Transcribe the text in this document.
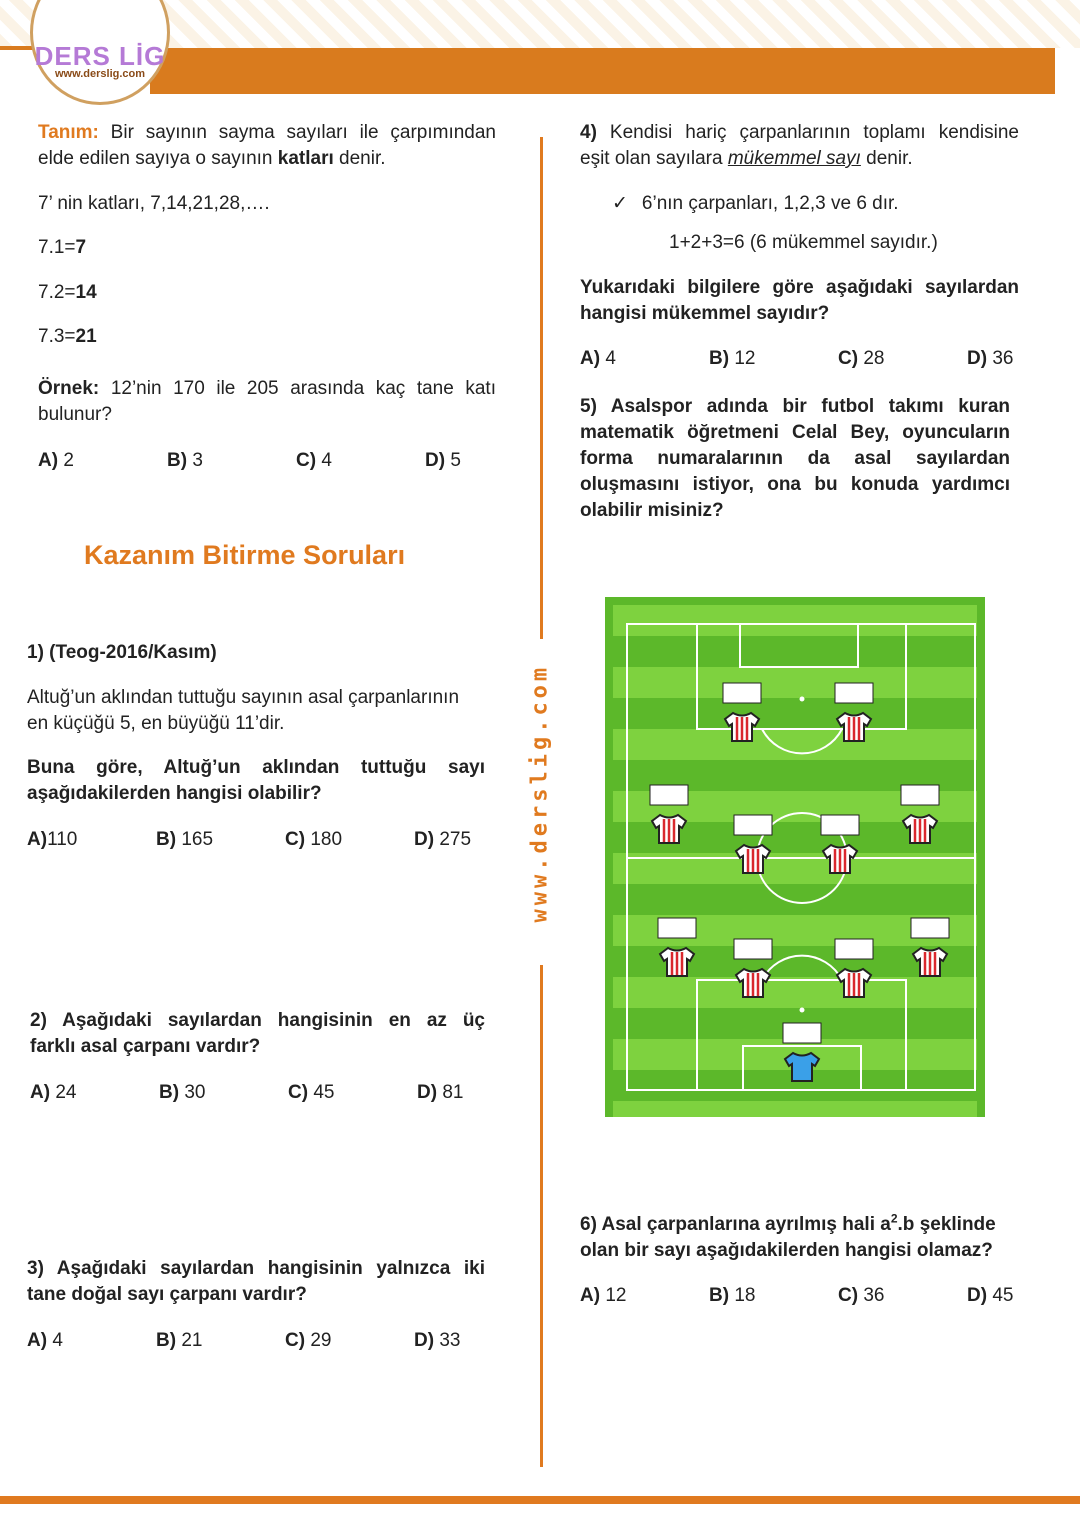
DERS LİG
www.derslig.com
Tanım: Bir sayının sayma sayıları ile çarpımından
elde edilen sayıya o sayının katları denir.
7’ nin katları, 7,14,21,28,….
7.1=7
7.2=14
7.3=21
Örnek: 12’nin 170 ile 205 arasında kaç tane katı
bulunur?
A) 2	B) 3	C) 4	D) 5
Kazanım Bitirme Soruları
1) (Teog-2016/Kasım)
Altuğ’un aklından tuttuğu sayının asal çarpanlarının
en küçüğü 5, en büyüğü 11’dir.
Buna göre, Altuğ’un aklından tuttuğu sayı
aşağıdakilerden hangisi olabilir?
A)110	B) 165	C) 180	D) 275
2) Aşağıdaki sayılardan hangisinin en az üç
farklı asal çarpanı vardır?
A) 24	B) 30	C) 45	D) 81
3) Aşağıdaki sayılardan hangisinin yalnızca iki
tane doğal sayı çarpanı vardır?
A) 4	B) 21	C) 29	D) 33
www.derslig.com
4) Kendisi hariç çarpanlarının toplamı kendisine
eşit olan sayılara mükemmel sayı denir.
✓ 6’nın çarpanları, 1,2,3 ve 6 dır.
1+2+3=6 (6 mükemmel sayıdır.)
Yukarıdaki bilgilere göre aşağıdaki sayılardan
hangisi mükemmel sayıdır?
A) 4	B) 12	C) 28	D) 36
5) Asalspor adında bir futbol takımı kuran
matematik öğretmeni Celal Bey, oyuncuların
forma numaralarının da asal sayılardan
oluşmasını istiyor, ona bu konuda yardımcı
olabilir misiniz?
6) Asal çarpanlarına ayrılmış hali $a^2.b$ şeklinde
olan bir sayı aşağıdakilerden hangisi olamaz?
A) 12	B) 18	C) 36	D) 45
